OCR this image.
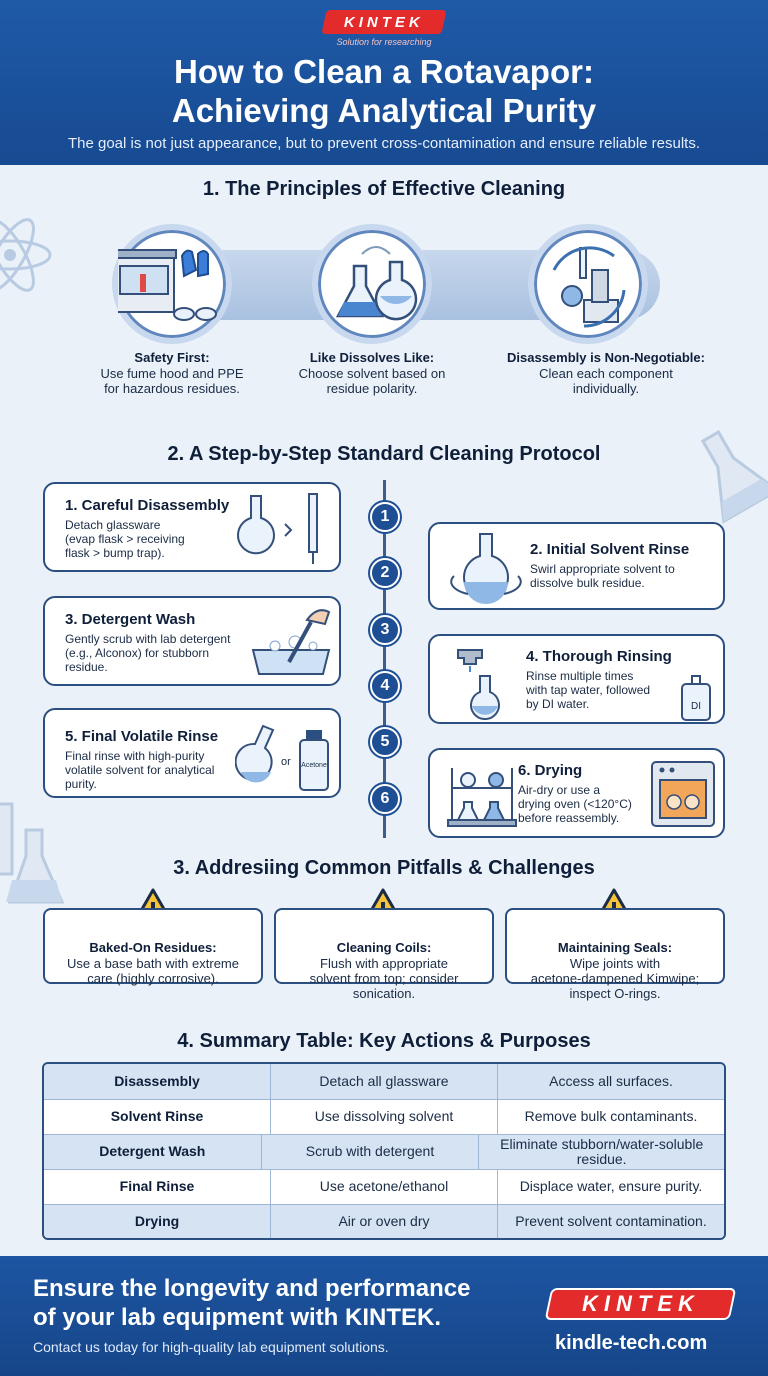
KINTEK
Solution for researching
How to Clean a Rotavapor:
Achieving Analytical Purity
The goal is not just appearance, but to prevent cross-contamination and ensure reliable results.
1. The Principles of Effective Cleaning
Safety First:
Use fume hood and PPE
for hazardous residues.
Like Dissolves Like:
Choose solvent based on
residue polarity.
Disassembly is Non-Negotiable:
Clean each component
individually.
2. A Step-by-Step Standard Cleaning Protocol
1
2
3
4
5
6
1. Careful Disassembly
Detach glassware
(evap flask > receiving
flask > bump trap).	2. Initial Solvent Rinse
Swirl appropriate solvent to
dissolve bulk residue.
3. Detergent Wash
Gently scrub with lab detergent
(e.g., Alconox) for stubborn
residue.
4. Thorough Rinsing
Rinse multiple times
with tap water, followed
by DI water.	DI
5. Final Volatile Rinse
Final rinse with high-purity
volatile solvent for analytical
purity.
or	Acetone	6. Drying
Air-dry or use a
drying oven (<120°C)
before reassembly.
3. Addresiing Common Pitfalls & Challenges
Baked-On Residues:
Use a base bath with extreme
care (highly corrosive).
Cleaning Coils:
Flush with appropriate
solvent from top; consider
sonication.
Maintaining Seals:
Wipe joints with
acetone-dampened Kimwipe;
inspect O-rings.
4. Summary Table: Key Actions & Purposes
Disassembly	Detach all glassware	Access all surfaces.
Solvent Rinse	Use dissolving solvent	Remove bulk contaminants.
Detergent Wash	Scrub with detergent	Eliminate stubborn/water-soluble residue.
Final Rinse	Use acetone/ethanol	Displace water, ensure purity.
Drying	Air or oven dry	Prevent solvent contamination.
Ensure the longevity and performance
of your lab equipment with KINTEK.
Contact us today for high-quality lab equipment solutions.
KINTEK
kindle-tech.com
